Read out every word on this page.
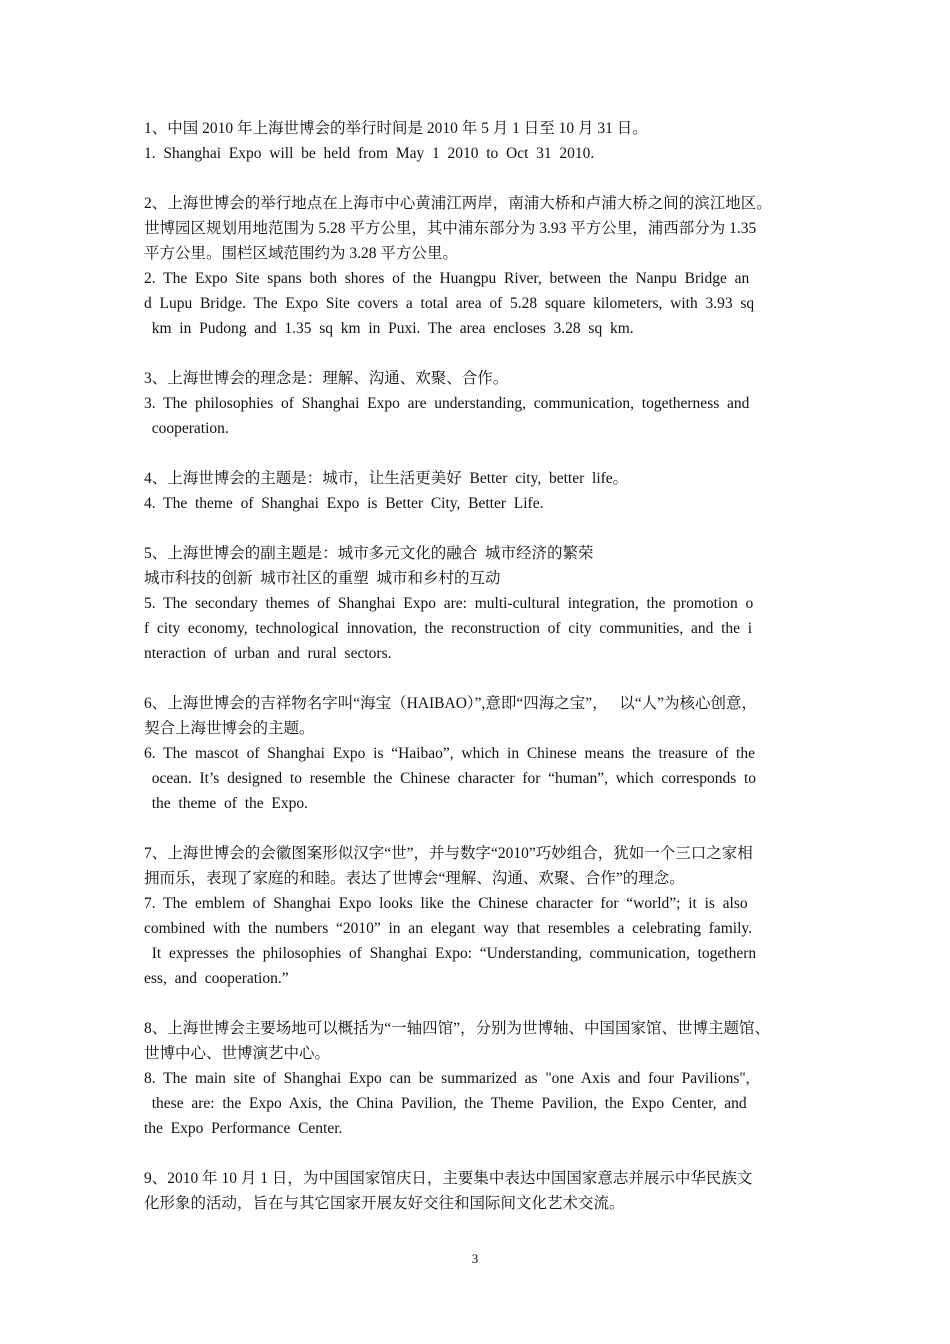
1、中国 2010 年上海世博会的举行时间是 2010 年 5 月 1 日至 10 月 31 日。
1.  Shanghai  Expo  will  be  held  from  May  1  2010  to  Oct  31  2010.
2、上海世博会的举行地点在上海市中心黄浦江两岸，南浦大桥和卢浦大桥之间的滨江地区。
世博园区规划用地范围为 5.28 平方公里，其中浦东部分为 3.93 平方公里，浦西部分为 1.35
平方公里。围栏区域范围约为 3.28 平方公里。
2.  The  Expo  Site  spans  both  shores  of  the  Huangpu  River,  between  the  Nanpu  Bridge  an
d  Lupu  Bridge.  The  Expo  Site  covers  a  total  area  of  5.28  square  kilometers,  with  3.93  sq
km  in  Pudong  and  1.35  sq  km  in  Puxi.  The  area  encloses  3.28  sq  km.
3、上海世博会的理念是：理解、沟通、欢聚、合作。
3.  The  philosophies  of  Shanghai  Expo  are  understanding,  communication,  togetherness  and
cooperation.
4、上海世博会的主题是：城市，让生活更美好  Better  city,  better  life。
4.  The  theme  of  Shanghai  Expo  is  Better  City,  Better  Life.
5、上海世博会的副主题是：城市多元文化的融合  城市经济的繁荣
城市科技的创新  城市社区的重塑  城市和乡村的互动
5.  The  secondary  themes  of  Shanghai  Expo  are:  multi-cultural  integration,  the  promotion  o
f  city  economy,  technological  innovation,  the  reconstruction  of  city  communities,  and  the  i
nteraction  of  urban  and  rural  sectors.
6、上海世博会的吉祥物名字叫“海宝（HAIBAO）”,意即“四海之宝”，   以“人”为核心创意，
契合上海世博会的主题。
6.  The  mascot  of  Shanghai  Expo  is  “Haibao”,  which  in  Chinese  means  the  treasure  of  the
ocean.  It’s  designed  to  resemble  the  Chinese  character  for  “human”,  which  corresponds  to
the  theme  of  the  Expo.
7、上海世博会的会徽图案形似汉字“世”，并与数字“2010”巧妙组合，犹如一个三口之家相
拥而乐，表现了家庭的和睦。表达了世博会“理解、沟通、欢聚、合作”的理念。
7.  The  emblem  of  Shanghai  Expo  looks  like  the  Chinese  character  for  “world”;  it  is  also
combined  with  the  numbers  “2010”  in  an  elegant  way  that  resembles  a  celebrating  family.
It  expresses  the  philosophies  of  Shanghai  Expo:  “Understanding,  communication,  togethern
ess,  and  cooperation.”
8、上海世博会主要场地可以概括为“一轴四馆”，分别为世博轴、中国国家馆、世博主题馆、
世博中心、世博演艺中心。
8.  The  main  site  of  Shanghai  Expo  can  be  summarized  as  "one  Axis  and  four  Pavilions",
these  are:  the  Expo  Axis,  the  China  Pavilion,  the  Theme  Pavilion,  the  Expo  Center,  and
the  Expo  Performance  Center.
9、2010 年 10 月 1 日，为中国国家馆庆日，主要集中表达中国国家意志并展示中华民族文
化形象的活动，旨在与其它国家开展友好交往和国际间文化艺术交流。
3
